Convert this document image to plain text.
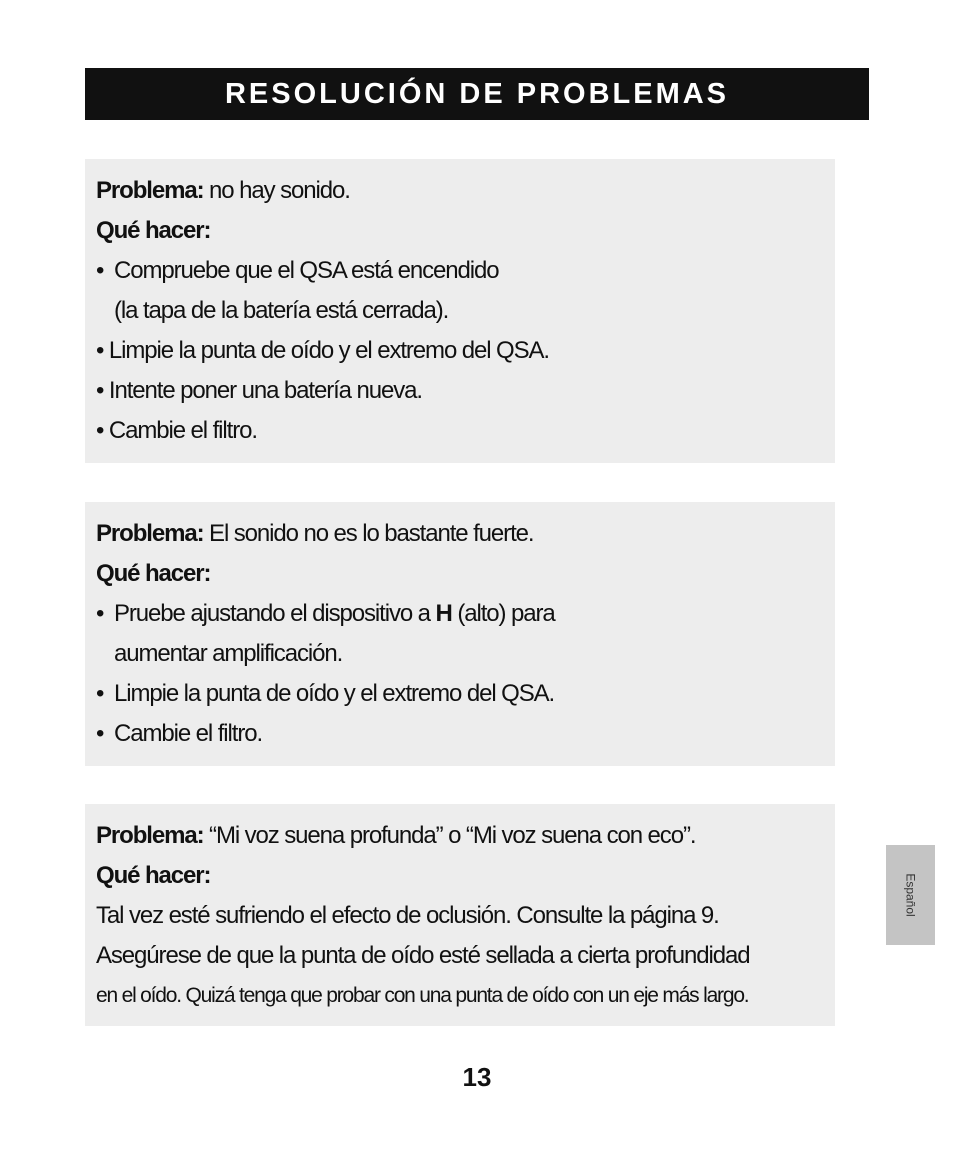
RESOLUCIÓN DE PROBLEMAS
Problema: no hay sonido.
Qué hacer:
• Compruebe que el QSA está encendido
(la tapa de la batería está cerrada).
• Limpie la punta de oído y el extremo del QSA.
• Intente poner una batería nueva.
• Cambie el filtro.
Problema: El sonido no es lo bastante fuerte.
Qué hacer:
• Pruebe ajustando el dispositivo a H (alto) para
aumentar amplificación.
• Limpie la punta de oído y el extremo del QSA.
• Cambie el filtro.
Problema: “Mi voz suena profunda” o “Mi voz suena con eco”.
Qué hacer:
Tal vez esté sufriendo el efecto de oclusión. Consulte la página 9.
Asegúrese de que la punta de oído esté sellada a cierta profundidad
en el oído. Quizá tenga que probar con una punta de oído con un eje más largo.
13
Español
